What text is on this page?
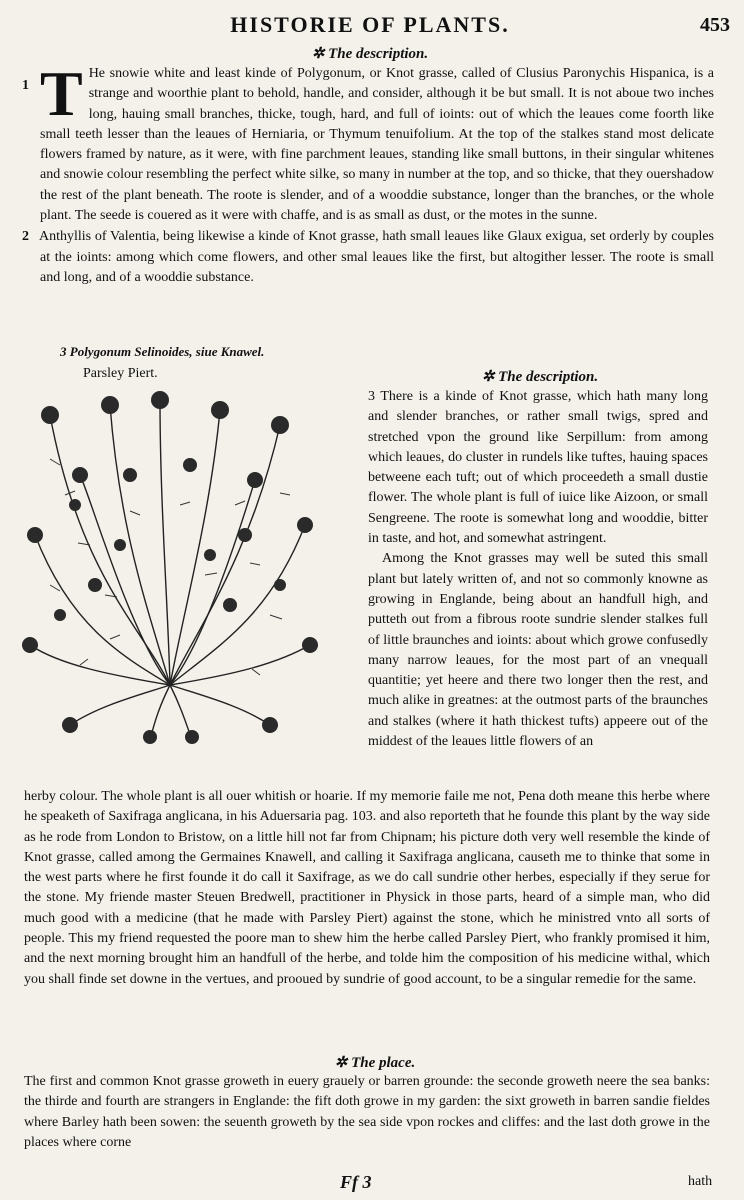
HISTORIE OF PLANTS.	453
✲ The description.
1 T He snowie white and least kinde of Polygonum, or Knot grasse, called of Clusius Paronychis Hispanica, is a strange and woorthie plant to behold, handle, and consider, although it be but small. It is not aboue two inches long, hauing small branches, thicke, tough, hard, and full of ioints: out of which the leaues come foorth like small teeth lesser than the leaues of Herniaria, or Thymum tenuifolium. At the top of the stalkes stand most delicate flowers framed by nature, as it were, with fine parchment leaues, standing like small buttons, in their singular whitenes and snowie colour resembling the perfect white silke, so many in number at the top, and so thicke, that they ouershadow the rest of the plant beneath. The roote is slender, and of a wooddie substance, longer than the branches, or the whole plant. The seede is couered as it were with chaffe, and is as small as dust, or the motes in the sunne.

2 Anthyllis of Valentia, being likewise a kinde of Knot grasse, hath small leaues like Glaux exigua, set orderly by couples at the ioints: among which come flowers, and other smal leaues like the first, but altogither lesser. The roote is small and long, and of a wooddie substance.

3 Polygonum Selinoides, siue Knawel.
Parsley Piert.	✲ The description.

3 There is a kinde of Knot grasse, which hath many long and slender branches, or rather small twigs, spred and stretched vpon the ground like Serpillum: from among which leaues, do cluster in rundels like tuftes, hauing spaces betweene each tuft; out of which proceedeth a small dustie flower. The whole plant is full of iuice like Aizoon, or small Sengreene. The roote is somewhat long and wooddie, bitter in taste, and hot, and somewhat astringent.

Among the Knot grasses may well be suted this small plant but lately written of, and not so commonly knowne as growing in Englande, being about an handfull high, and putteth out from a fibrous roote sundrie slender stalkes full of little braunches and ioints: about which growe confusedly many narrow leaues, for the most part of an vnequall quantitie; yet heere and there two longer then the rest, and much alike in greatnes: at the outmost parts of the braunches and stalkes (where it hath thickest tufts) appeere out of the middest of the leaues little flowers of an

herby colour. The whole plant is all ouer whitish or hoarie. If my memorie faile me not, Pena doth meane this herbe where he speaketh of Saxifraga anglicana, in his Aduersaria pag. 103. and also reporteth that he founde this plant by the way side as he rode from London to Bristow, on a little hill not far from Chipnam; his picture doth very well resemble the kinde of Knot grasse, called among the Germaines Knawell, and calling it Saxifraga anglicana, causeth me to thinke that some in the west parts where he first founde it do call it Saxifrage, as we do call sundrie other herbes, especially if they serue for the stone. My friende master Steuen Bredwell, practitioner in Physick in those parts, heard of a simple man, who did much good with a medicine (that he made with Parsley Piert) against the stone, which he ministred vnto all sorts of people. This my friend requested the poore man to shew him the herbe called Parsley Piert, who frankly promised it him, and the next morning brought him an handfull of the herbe, and tolde him the composition of his medicine withal, which you shall finde set downe in the vertues, and prooued by sundrie of good account, to be a singular remedie for the same.

✲ The place.

The first and common Knot grasse groweth in euery grauely or barren grounde: the seconde groweth neere the sea banks: the thirde and fourth are strangers in Englande: the fift doth growe in my garden: the sixt groweth in barren sandie fieldes where Barley hath been sowen: the seuenth groweth by the sea side vpon rockes and cliffes: and the last doth growe in the places where corne

Ff 3	hath
